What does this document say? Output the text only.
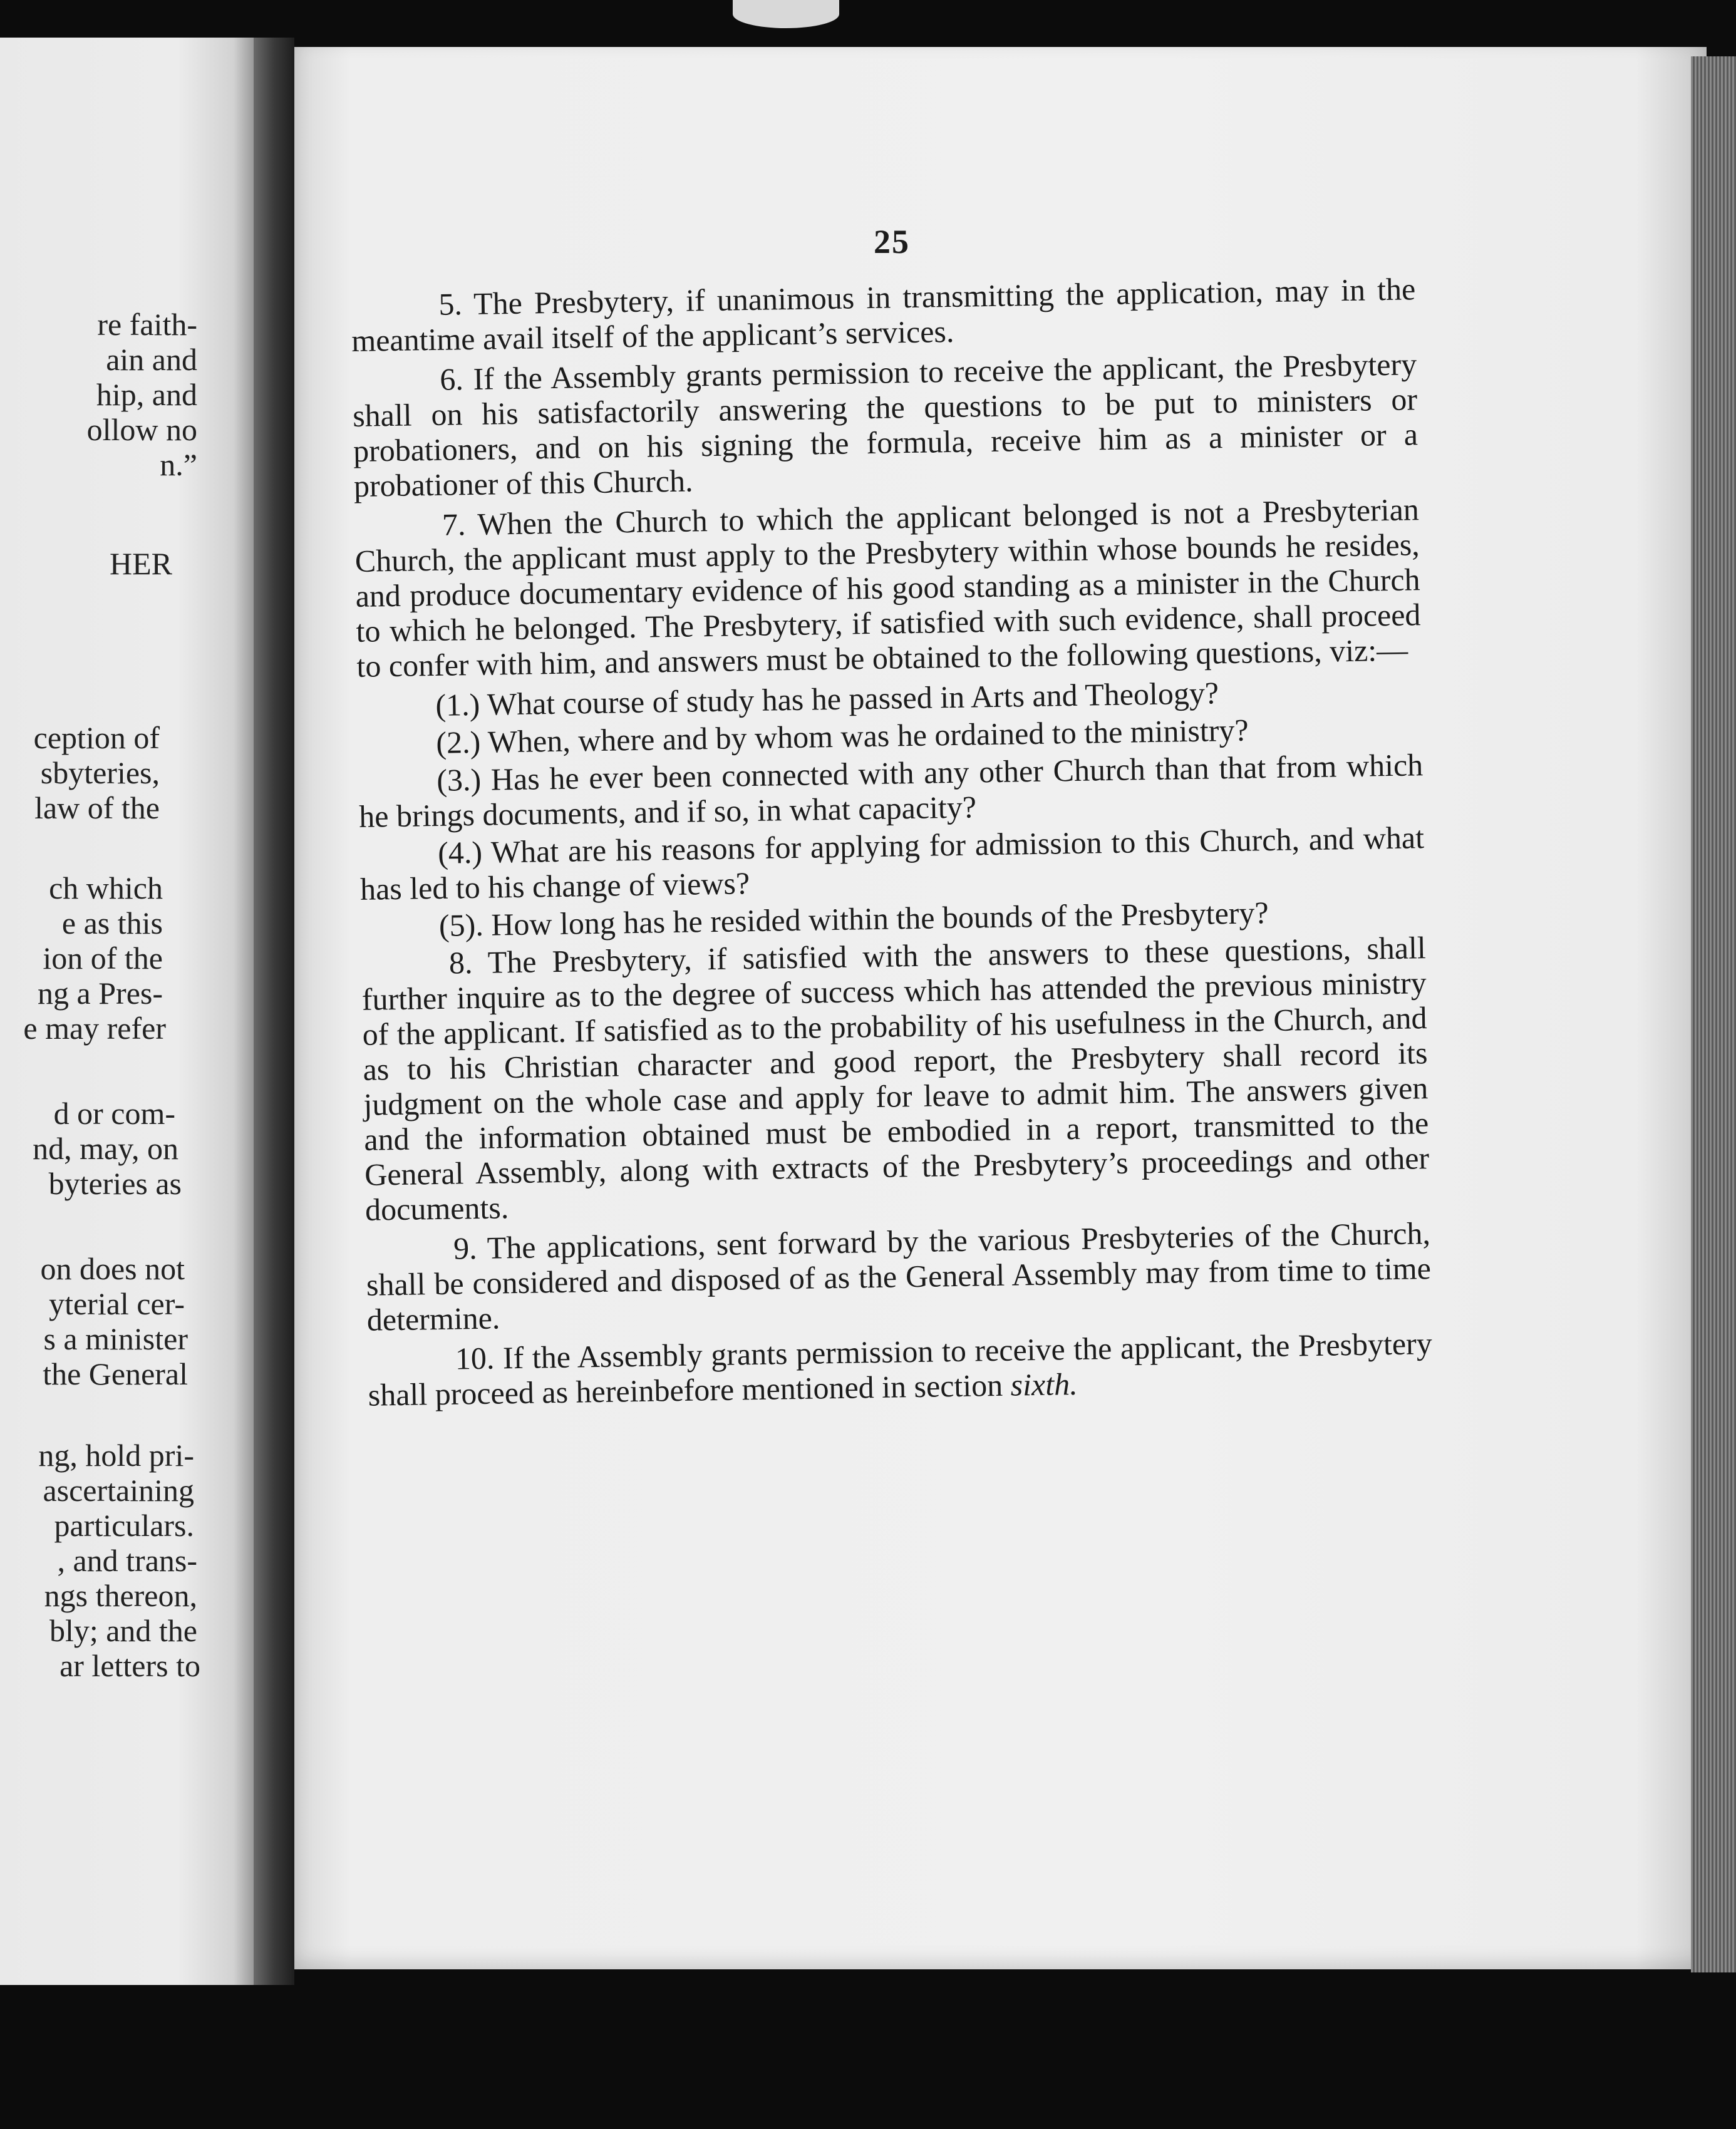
re faith-
ain and
hip, and
ollow no
n.”
HER
ception of
sbyteries,
law of the
ch which
e as this
ion of the
ng a Pres-
e may refer
d or com-
nd, may, on
byteries as
on does not
yterial cer-
s a minister
the General
ng, hold pri-
ascertaining
particulars.
, and trans-
ngs thereon,
bly; and the
ar letters to
25

5. The Presbytery, if unanimous in transmitting the application, may in the meantime avail itself of the applicant’s services.

6. If the Assembly grants permission to receive the applicant, the Presbytery shall on his satisfactorily answering the questions to be put to ministers or probationers, and on his signing the formula, receive him as a minister or a probationer of this Church.

7. When the Church to which the applicant belonged is not a Presbyterian Church, the applicant must apply to the Presbytery within whose bounds he resides, and produce documentary evidence of his good standing as a minister in the Church to which he belonged. The Presbytery, if satisfied with such evidence, shall proceed to confer with him, and answers must be obtained to the following questions, viz:—

(1.) What course of study has he passed in Arts and Theology?

(2.) When, where and by whom was he ordained to the ministry?

(3.) Has he ever been connected with any other Church than that from which he brings documents, and if so, in what capacity?

(4.) What are his reasons for applying for admission to this Church, and what has led to his change of views?

(5). How long has he resided within the bounds of the Presbytery?

8. The Presbytery, if satisfied with the answers to these questions, shall further inquire as to the degree of success which has attended the previous ministry of the applicant. If satisfied as to the probability of his usefulness in the Church, and as to his Christian character and good report, the Presbytery shall record its judgment on the whole case and apply for leave to admit him. The answers given and the information obtained must be embodied in a report, transmitted to the General Assembly, along with extracts of the Presbytery’s proceedings and other documents.

9. The applications, sent forward by the various Presbyteries of the Church, shall be considered and disposed of as the General Assembly may from time to time determine.

10. If the Assembly grants permission to receive the applicant, the Presbytery shall proceed as hereinbefore mentioned in section sixth.
